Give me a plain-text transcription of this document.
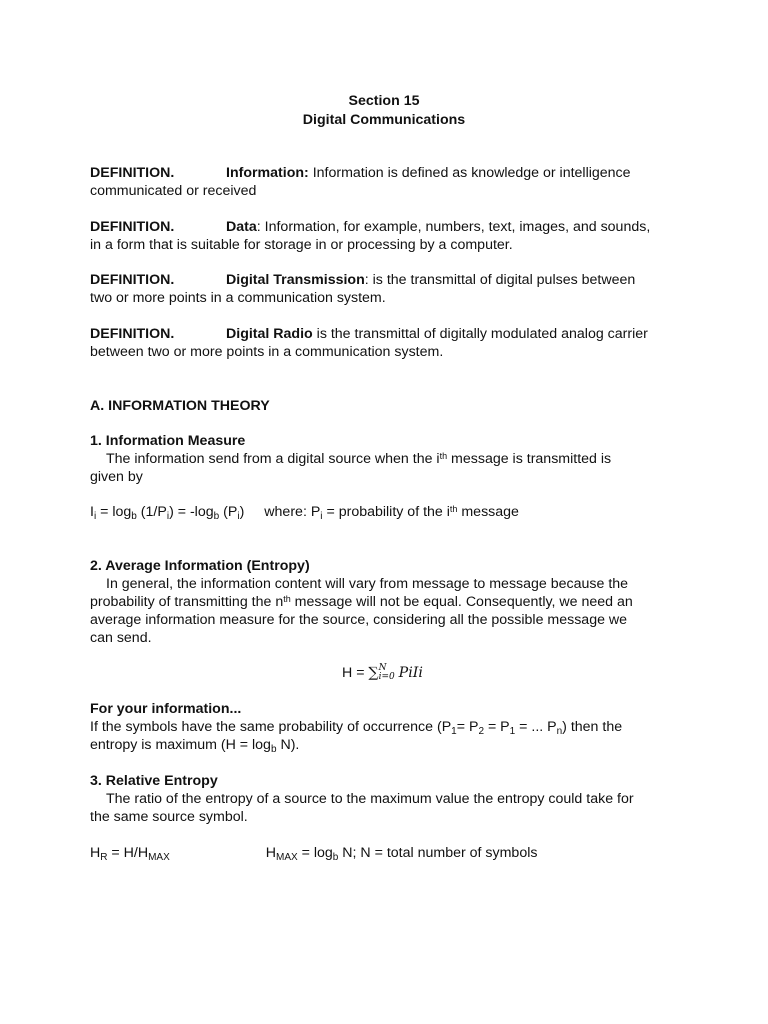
Section 15
Digital Communications
DEFINITION.	Information: Information is defined as knowledge or intelligence
communicated or received
DEFINITION.	Data: Information, for example, numbers, text, images, and sounds,
in a form that is suitable for storage in or processing by a computer.
DEFINITION.	Digital Transmission: is the transmittal of digital pulses between
two or more points in a communication system.
DEFINITION.	Digital Radio is the transmittal of digitally modulated analog carrier
between two or more points in a communication system.
A. INFORMATION THEORY
1. Information Measure
The information send from a digital source when the $i^{th}$ message is transmitted is
given by
$I_i = \log_b (1/P_i) = -\log_b$ $(P_i)$ where: $P_i$ = probability of the $i^{th}$ message
2. Average Information (Entropy)
In general, the information content will vary from message to message because the
probability of transmitting the $n^{th}$ message will not be equal. Consequently, we need an
average information measure for the source, considering all the possible message we
can send.
H = ∑N
i=0 PiIi
For your information...
If the symbols have the same probability of occurrence ($P_1= P_2 = P_1$ = ... $P_n$) then the
entropy is maximum $(H = \log_b N)$.
3. Relative Entropy
The ratio of the entropy of a source to the maximum value the entropy could take for
the same source symbol.
$H_R = H/H_{MAX}$	$H_{MAX} = \log_b N$; N = total number of symbols
